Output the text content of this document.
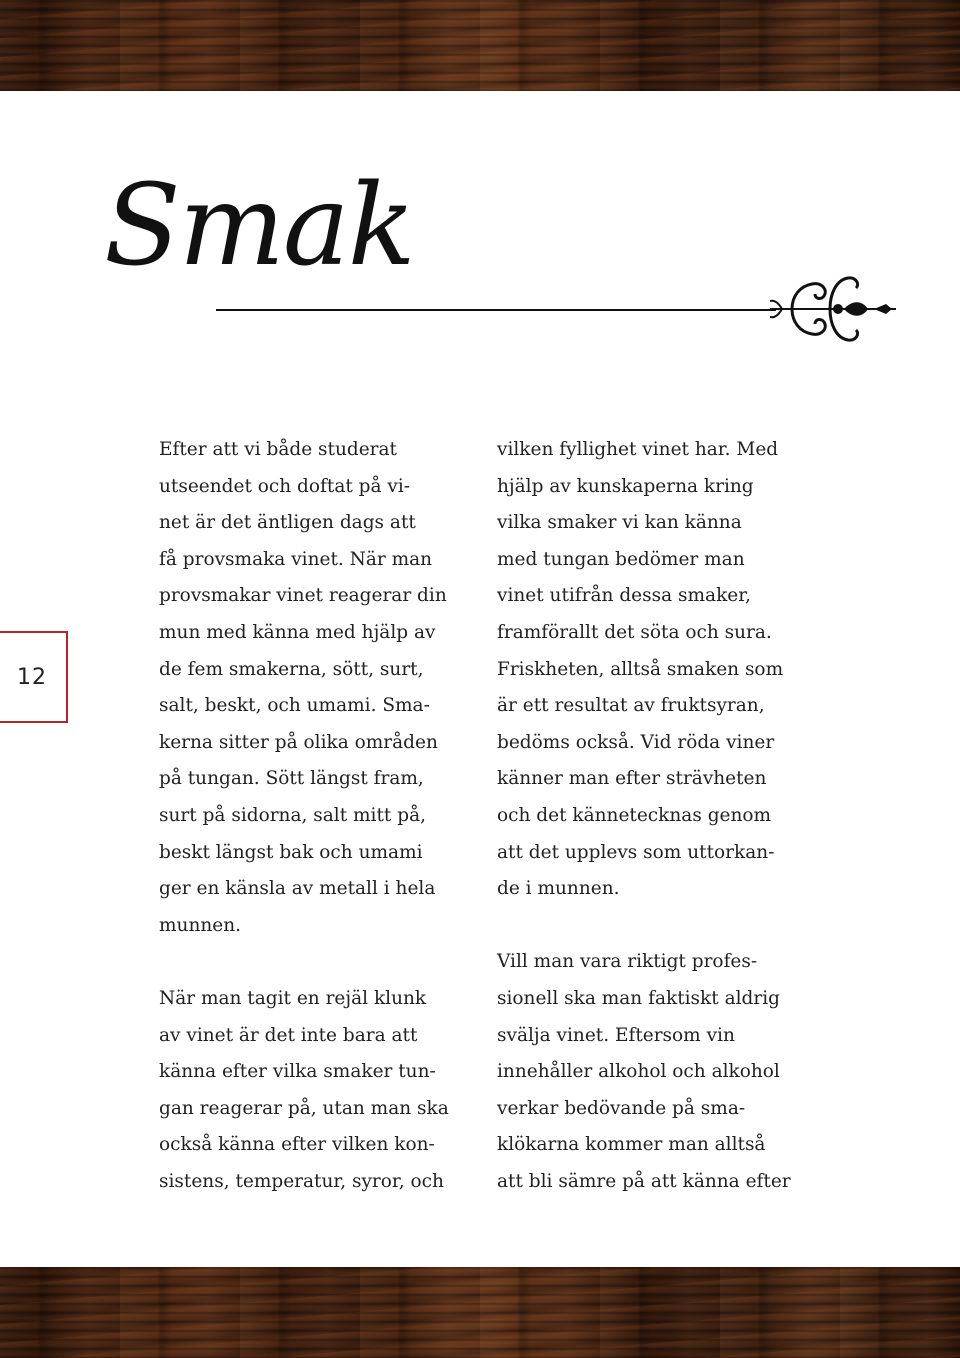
Smak
12

Efter att vi både studerat
utseendet och doftat på vi-
net är det äntligen dags att
få provsmaka vinet. När man
provsmakar vinet reagerar din
mun med känna med hjälp av
de fem smakerna, sött, surt,
salt, beskt, och umami. Sma-
kerna sitter på olika områden
på tungan. Sött längst fram,
surt på sidorna, salt mitt på,
beskt längst bak och umami
ger en känsla av metall i hela
munnen.

När man tagit en rejäl klunk
av vinet är det inte bara att
känna efter vilka smaker tun-
gan reagerar på, utan man ska
också känna efter vilken kon-
sistens, temperatur, syror, och

vilken fyllighet vinet har. Med
hjälp av kunskaperna kring
vilka smaker vi kan känna
med tungan bedömer man
vinet utifrån dessa smaker,
framförallt det söta och sura.
Friskheten, alltså smaken som
är ett resultat av fruktsyran,
bedöms också. Vid röda viner
känner man efter strävheten
och det kännetecknas genom
att det upplevs som uttorkan-
de i munnen.

Vill man vara riktigt profes-
sionell ska man faktiskt aldrig
svälja vinet. Eftersom vin
innehåller alkohol och alkohol
verkar bedövande på sma-
klökarna kommer man alltså
att bli sämre på att känna efter
